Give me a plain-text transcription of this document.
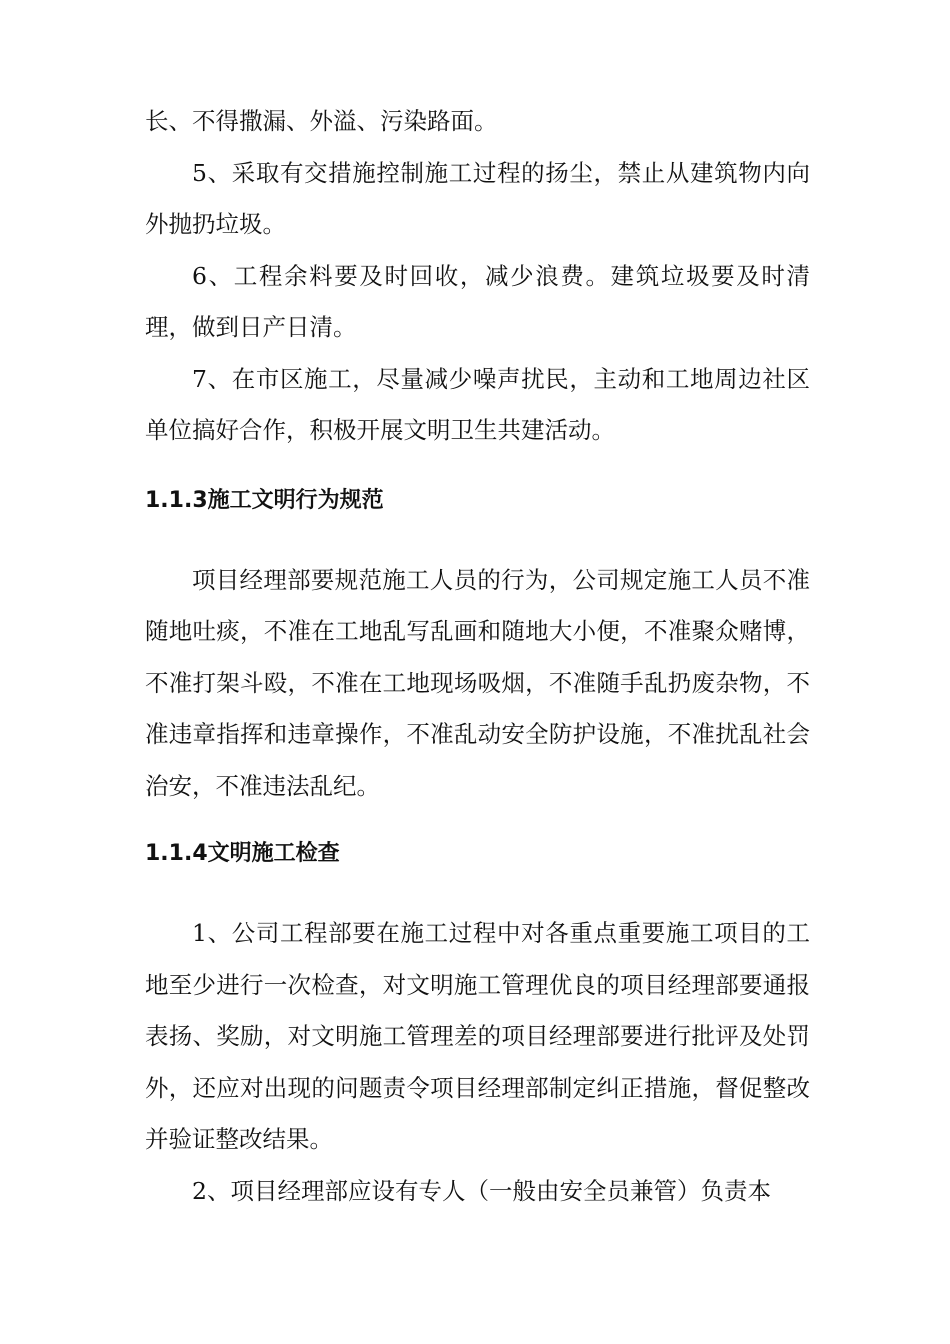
长、不得撒漏、外溢、污染路面。

5、采取有交措施控制施工过程的扬尘，禁止从建筑物内向外抛扔垃圾。

6、工程余料要及时回收，减少浪费。建筑垃圾要及时清理，做到日产日清。

7、在市区施工，尽量减少噪声扰民，主动和工地周边社区单位搞好合作，积极开展文明卫生共建活动。

1.1.3施工文明行为规范

项目经理部要规范施工人员的行为，公司规定施工人员不准随地吐痰，不准在工地乱写乱画和随地大小便，不准聚众赌博，不准打架斗殴，不准在工地现场吸烟，不准随手乱扔废杂物，不准违章指挥和违章操作，不准乱动安全防护设施，不准扰乱社会治安，不准违法乱纪。

1.1.4文明施工检查

1、公司工程部要在施工过程中对各重点重要施工项目的工地至少进行一次检查，对文明施工管理优良的项目经理部要通报表扬、奖励，对文明施工管理差的项目经理部要进行批评及处罚外，还应对出现的问题责令项目经理部制定纠正措施，督促整改并验证整改结果。

2、项目经理部应设有专人（一般由安全员兼管）负责本
